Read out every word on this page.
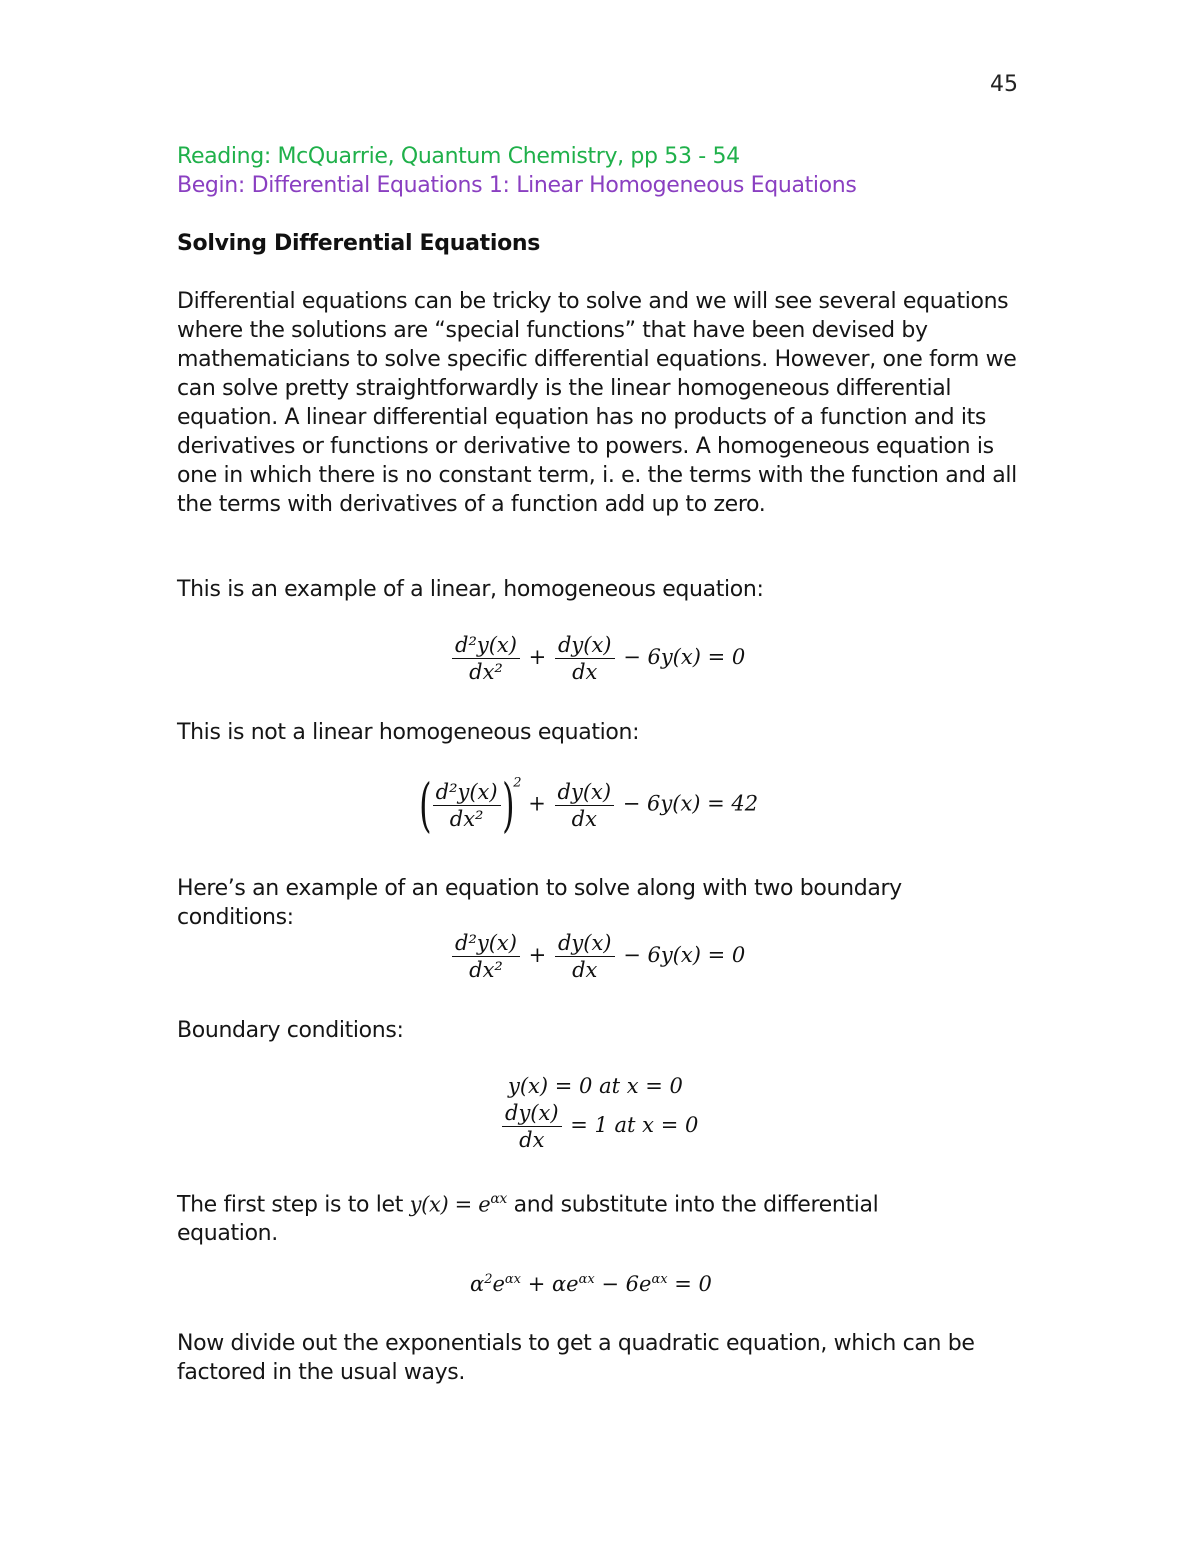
45
Reading: McQuarrie, Quantum Chemistry, pp 53 - 54
Begin: Differential Equations 1: Linear Homogeneous Equations
Solving Differential Equations
Differential equations can be tricky to solve and we will see several equations where the solutions are “special functions” that have been devised by mathematicians to solve specific differential equations. However, one form we can solve pretty straightforwardly is the linear homogeneous differential equation. A linear differential equation has no products of a function and its derivatives or functions or derivative to powers. A homogeneous equation is one in which there is no constant term, i. e. the terms with the function and all the terms with derivatives of a function add up to zero.
This is an example of a linear, homogeneous equation:
$\frac{\text{d²y(x)}}{\text{dx²}} + \frac{dy(x)}{dx} - 6y(x) = 0$
This is not a linear homogeneous equation:
( $\frac{\text{d²y(x)}}{\text{dx²}} )^2 + \frac{dy(x)}{dx} - 6y(x) = 42$
Here’s an example of an equation to solve along with two boundary conditions:
$\frac{\text{d²y(x)}}{\text{dx²}} + \frac{dy(x)}{dx} - 6y(x) = 0$
Boundary conditions:
y(x) = 0 at x = 0
$\frac{dy(x)}{dx} = 1$ at x = 0
The first step is to let $y(x) = e^{\alpha x}$ and substitute into the differential equation.
$\alpha^2e^{\alpha x} + \alpha e^{\alpha x} - 6e^{\alpha x} = 0$
Now divide out the exponentials to get a quadratic equation, which can be factored in the usual ways.
